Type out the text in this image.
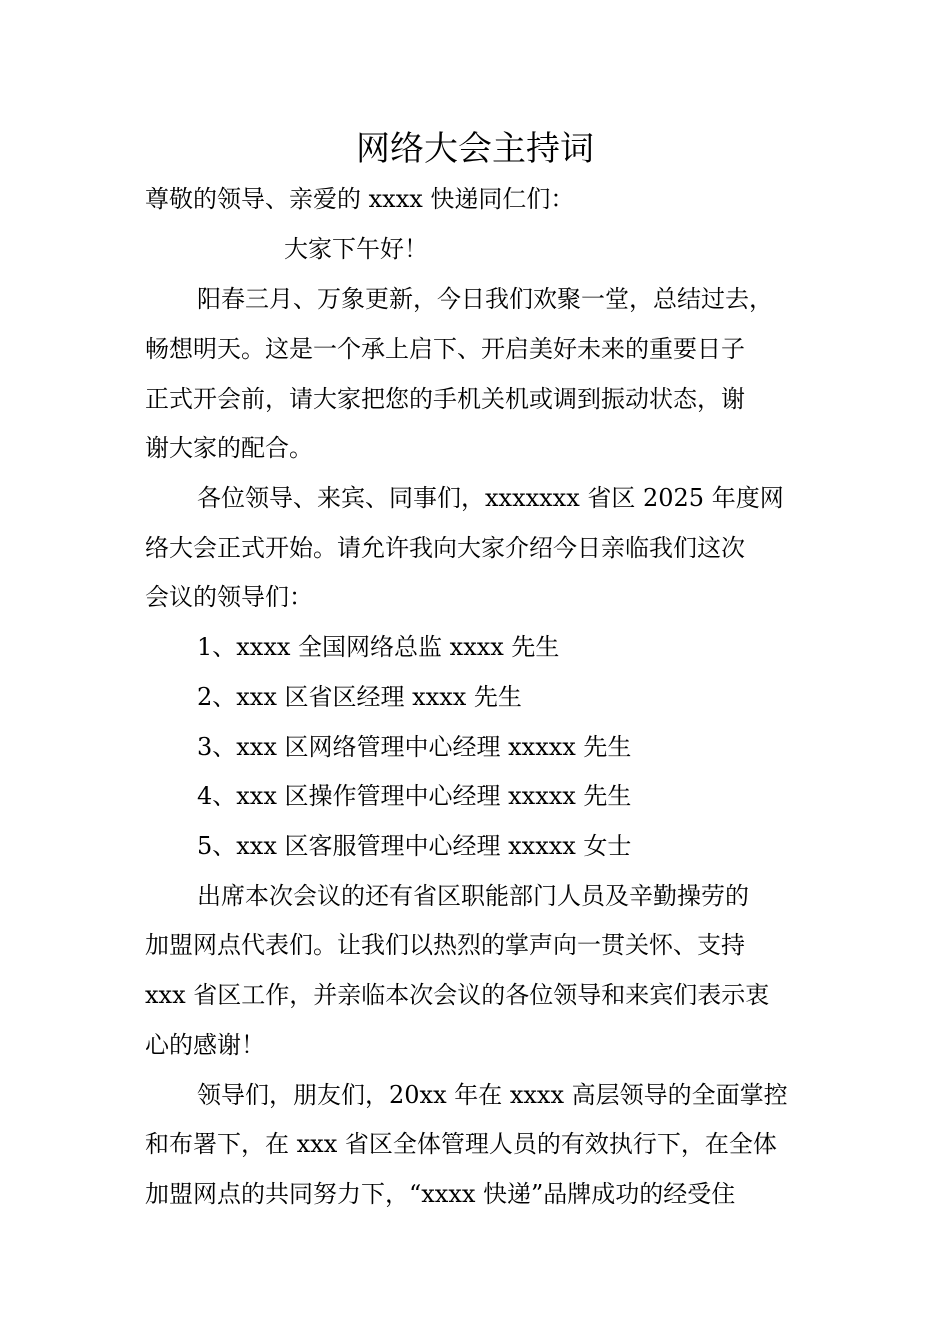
网络大会主持词
尊敬的领导、亲爱的 xxxx 快递同仁们：
大家下午好！
阳春三月、万象更新，今日我们欢聚一堂，总结过去，
畅想明天。这是一个承上启下、开启美好未来的重要日子
正式开会前，请大家把您的手机关机或调到振动状态，谢
谢大家的配合。
各位领导、来宾、同事们，xxxxxxx 省区 2025 年度网
络大会正式开始。请允许我向大家介绍今日亲临我们这次
会议的领导们：
1、xxxx 全国网络总监 xxxx 先生
2、xxx 区省区经理 xxxx 先生
3、xxx 区网络管理中心经理 xxxxx 先生
4、xxx 区操作管理中心经理 xxxxx 先生
5、xxx 区客服管理中心经理 xxxxx 女士
出席本次会议的还有省区职能部门人员及辛勤操劳的
加盟网点代表们。让我们以热烈的掌声向一贯关怀、支持
xxx 省区工作，并亲临本次会议的各位领导和来宾们表示衷
心的感谢！
领导们，朋友们，20xx 年在 xxxx 高层领导的全面掌控
和布署下，在 xxx 省区全体管理人员的有效执行下，在全体
加盟网点的共同努力下，“xxxx 快递”品牌成功的经受住
